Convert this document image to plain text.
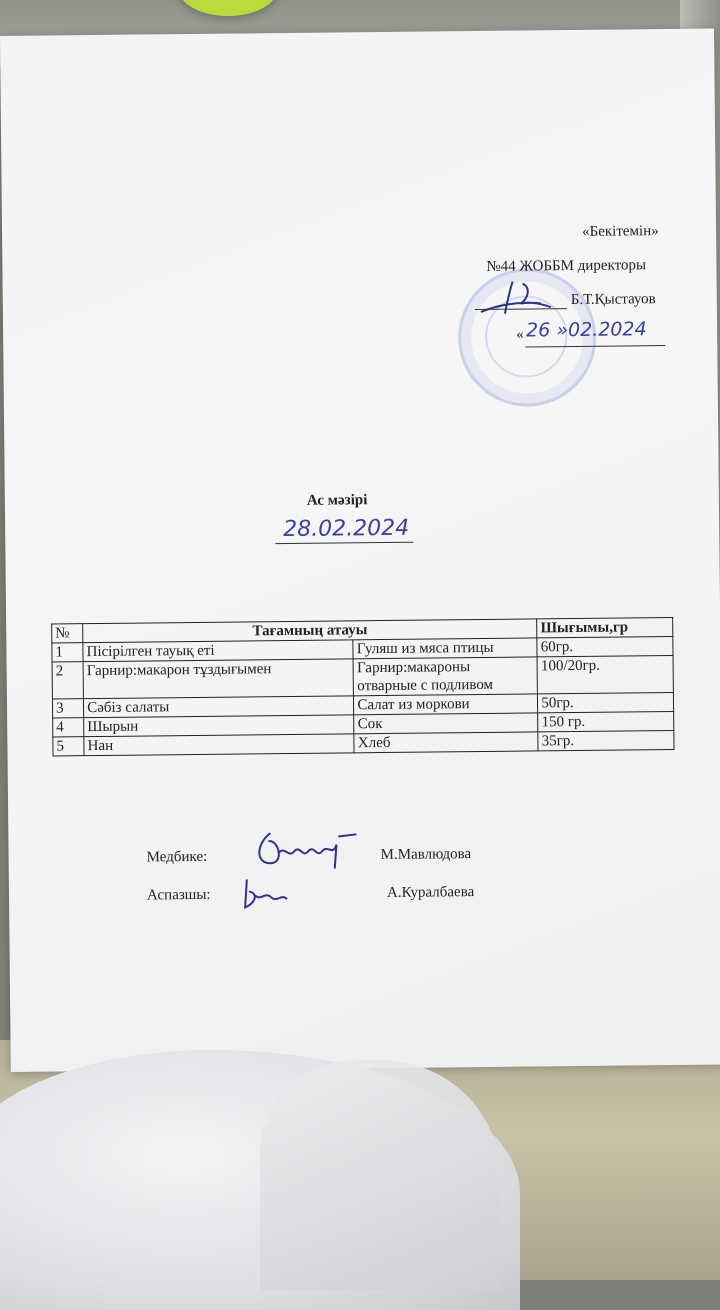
«Бекітемін»
№44 ЖОББМ директоры
Б.Т.Қыстауов
« 26 »02.2024
Ас мәзірі
28.02.2024
№	Тағамның атауы		Шығымы,гр
1	Пісірілген тауық еті	Гуляш из мяса птицы	60гр.
2	Гарнир:макарон тұздығымен	Гарнир:макароны
отварные с подливом	100/20гр.
3	Сәбіз салаты	Салат из моркови	50гр.
4	Шырын	Сок	150 гр.
5	Нан	Хлеб	35гр.
Медбике:	М.Мавлюдова
Аспазшы:	А.Куралбаева
